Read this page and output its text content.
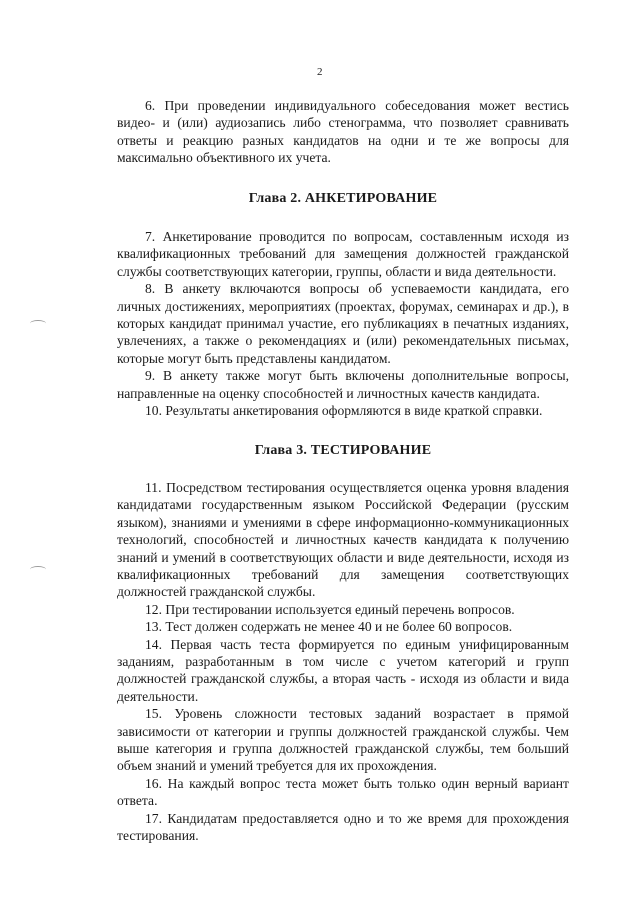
2

6. При проведении индивидуального собеседования может вестись видео- и (или) аудиозапись либо стенограмма, что позволяет сравнивать ответы и реакцию разных кандидатов на одни и те же вопросы для максимально объективного их учета.

Глава 2. АНКЕТИРОВАНИЕ

7. Анкетирование проводится по вопросам, составленным исходя из квалификационных требований для замещения должностей гражданской службы соответствующих категории, группы, области и вида деятельности.

8. В анкету включаются вопросы об успеваемости кандидата, его личных достижениях, мероприятиях (проектах, форумах, семинарах и др.), в которых кандидат принимал участие, его публикациях в печатных изданиях, увлечениях, а также о рекомендациях и (или) рекомендательных письмах, которые могут быть представлены кандидатом.

9. В анкету также могут быть включены дополнительные вопросы, направленные на оценку способностей и личностных качеств кандидата.

10. Результаты анкетирования оформляются в виде краткой справки.

Глава 3. ТЕСТИРОВАНИЕ

11. Посредством тестирования осуществляется оценка уровня владения кандидатами государственным языком Российской Федерации (русским языком), знаниями и умениями в сфере информационно-коммуникационных технологий, способностей и личностных качеств кандидата к получению знаний и умений в соответствующих области и виде деятельности, исходя из квалификационных требований для замещения соответствующих должностей гражданской службы.

12. При тестировании используется единый перечень вопросов.

13. Тест должен содержать не менее 40 и не более 60 вопросов.

14. Первая часть теста формируется по единым унифицированным заданиям, разработанным в том числе с учетом категорий и групп должностей гражданской службы, а вторая часть - исходя из области и вида деятельности.

15. Уровень сложности тестовых заданий возрастает в прямой зависимости от категории и группы должностей гражданской службы. Чем выше категория и группа должностей гражданской службы, тем больший объем знаний и умений требуется для их прохождения.

16. На каждый вопрос теста может быть только один верный вариант ответа.

17. Кандидатам предоставляется одно и то же время для прохождения тестирования.
